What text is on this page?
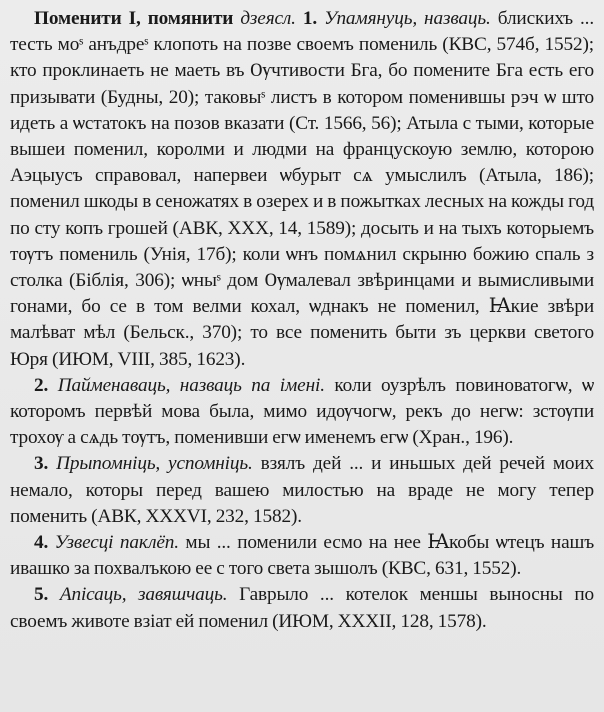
Поменити I, помянити дзеясл. 1. Упамянуць, назваць. блискихъ ... тесть моˢ анъдреˢ клопоть на позве своемъ помениль (КВС, 574б, 1552); кто проклинаеть не маеть въ Ѹчтивости Бга, бо помените Бга есть его призывати (Будны, 20); таковыˢ листъ в котором поменившы рэч ѡ што идеть а ѡстатокъ на позов вказати (Ст. 1566, 56); Атыла с тыми, которые вышеи поменил, королми и людми на францускоую землю, которою Аэцыусъ справовал, напервеи ѡбурыт сѧ умыслилъ (Атыла, 186); поменил шкоды в сеножатях в озерех и в пожытках лесных на кожды год по сту копъ грошей (АВК, XXX, 14, 1589); досыть и на тыхъ которыемъ тѹтъ помениль (Унiя, 17б); коли ѡнъ помѧнил скрыню божию спаль з столка (Бiблiя, 306); ѡныˢ дом Ѹмалевал звѣринцами и вымисливыми гонами, бо се в том велми кохал, ѡднакъ не поменил, Ꙗкие звѣри малѣват мѣл (Бельск., 370); то все поменить быти зъ церкви светого Юря (ИЮМ, VIII, 385, 1623).

2. Пайменаваць, назваць па імені. коли оузрѣлъ повиноватогѡ, ѡ которомъ первѣй мова была, мимо идѹчогѡ, рекъ до негѡ: зстѹпи трохѹ а сѧдь тѹтъ, поменивши егѡ именемъ егѡ (Хран., 196).

3. Прыпомніць, успомніць. взялъ дей ... и иньшых дей речей моих немало, которы перед вашею милостью на враде не могу тепер поменить (АВК, XXXVI, 232, 1582).

4. Узвесці паклёп. мы ... поменили есмо на нее Ꙗкобы ѡтецъ нашъ ивашко за похвалъкою ее с того света зышолъ (КВС, 631, 1552).

5. Апісаць, завяшчаць. Гаврыло ... котелок меншы выносны по своемъ животе взіат ей поменил (ИЮМ, XXXII, 128, 1578).
